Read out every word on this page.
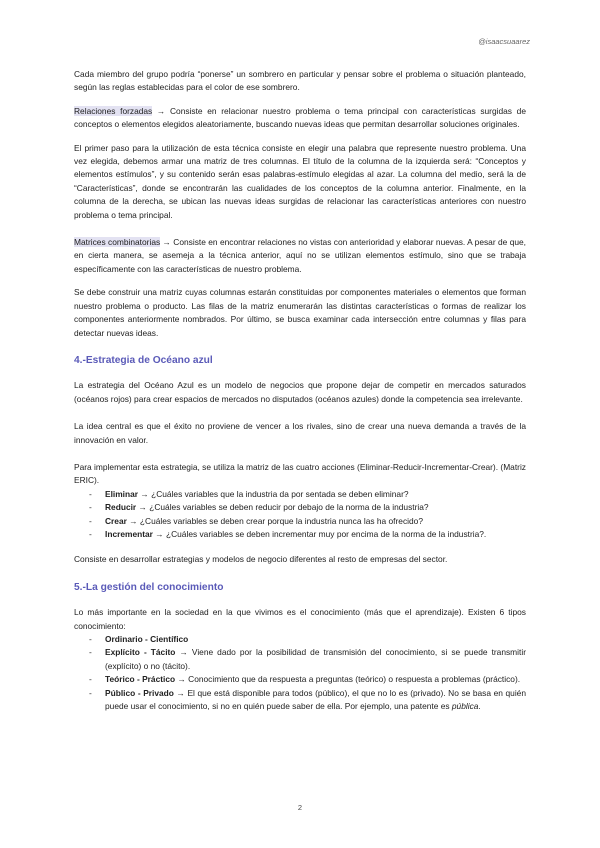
@isaacsuaarez

Cada miembro del grupo podría “ponerse” un sombrero en particular y pensar sobre el problema o situación planteado, según las reglas establecidas para el color de ese sombrero.

Relaciones forzadas → Consiste en relacionar nuestro problema o tema principal con características surgidas de conceptos o elementos elegidos aleatoriamente, buscando nuevas ideas que permitan desarrollar soluciones originales.

El primer paso para la utilización de esta técnica consiste en elegir una palabra que represente nuestro problema. Una vez elegida, debemos armar una matriz de tres columnas. El título de la columna de la izquierda será: “Conceptos y elementos estímulos”, y su contenido serán esas palabras-estímulo elegidas al azar. La columna del medio, será la de “Características”, donde se encontrarán las cualidades de los conceptos de la columna anterior. Finalmente, en la columna de la derecha, se ubican las nuevas ideas surgidas de relacionar las características anteriores con nuestro problema o tema principal.

Matrices combinatorias → Consiste en encontrar relaciones no vistas con anterioridad y elaborar nuevas. A pesar de que, en cierta manera, se asemeja a la técnica anterior, aquí no se utilizan elementos estímulo, sino que se trabaja específicamente con las características de nuestro problema.

Se debe construir una matriz cuyas columnas estarán constituidas por componentes materiales o elementos que forman nuestro problema o producto. Las filas de la matriz enumerarán las distintas características o formas de realizar los componentes anteriormente nombrados. Por último, se busca examinar cada intersección entre columnas y filas para detectar nuevas ideas.

4.-Estrategia de Océano azul

La estrategia del Océano Azul es un modelo de negocios que propone dejar de competir en mercados saturados (océanos rojos) para crear espacios de mercados no disputados (océanos azules) donde la competencia sea irrelevante.

La idea central es que el éxito no proviene de vencer a los rivales, sino de crear una nueva demanda a través de la innovación en valor.

Para implementar esta estrategia, se utiliza la matriz de las cuatro acciones (Eliminar-Reducir-Incrementar-Crear). (Matriz ERIC).

- Eliminar → ¿Cuáles variables que la industria da por sentada se deben eliminar?
- Reducir → ¿Cuáles variables se deben reducir por debajo de la norma de la industria?
- Crear → ¿Cuáles variables se deben crear porque la industria nunca las ha ofrecido?
- Incrementar → ¿Cuáles variables se deben incrementar muy por encima de la norma de la industria?.

Consiste en desarrollar estrategias y modelos de negocio diferentes al resto de empresas del sector.

5.-La gestión del conocimiento

Lo más importante en la sociedad en la que vivimos es el conocimiento (más que el aprendizaje). Existen 6 tipos conocimiento:

- Ordinario - Científico
- Explícito - Tácito → Viene dado por la posibilidad de transmisión del conocimiento, si se puede transmitir (explícito) o no (tácito).
- Teórico - Práctico → Conocimiento que da respuesta a preguntas (teórico) o respuesta a problemas (práctico).
- Público - Privado → El que está disponible para todos (público), el que no lo es (privado). No se basa en quién puede usar el conocimiento, si no en quién puede saber de ella. Por ejemplo, una patente es pública.
2
